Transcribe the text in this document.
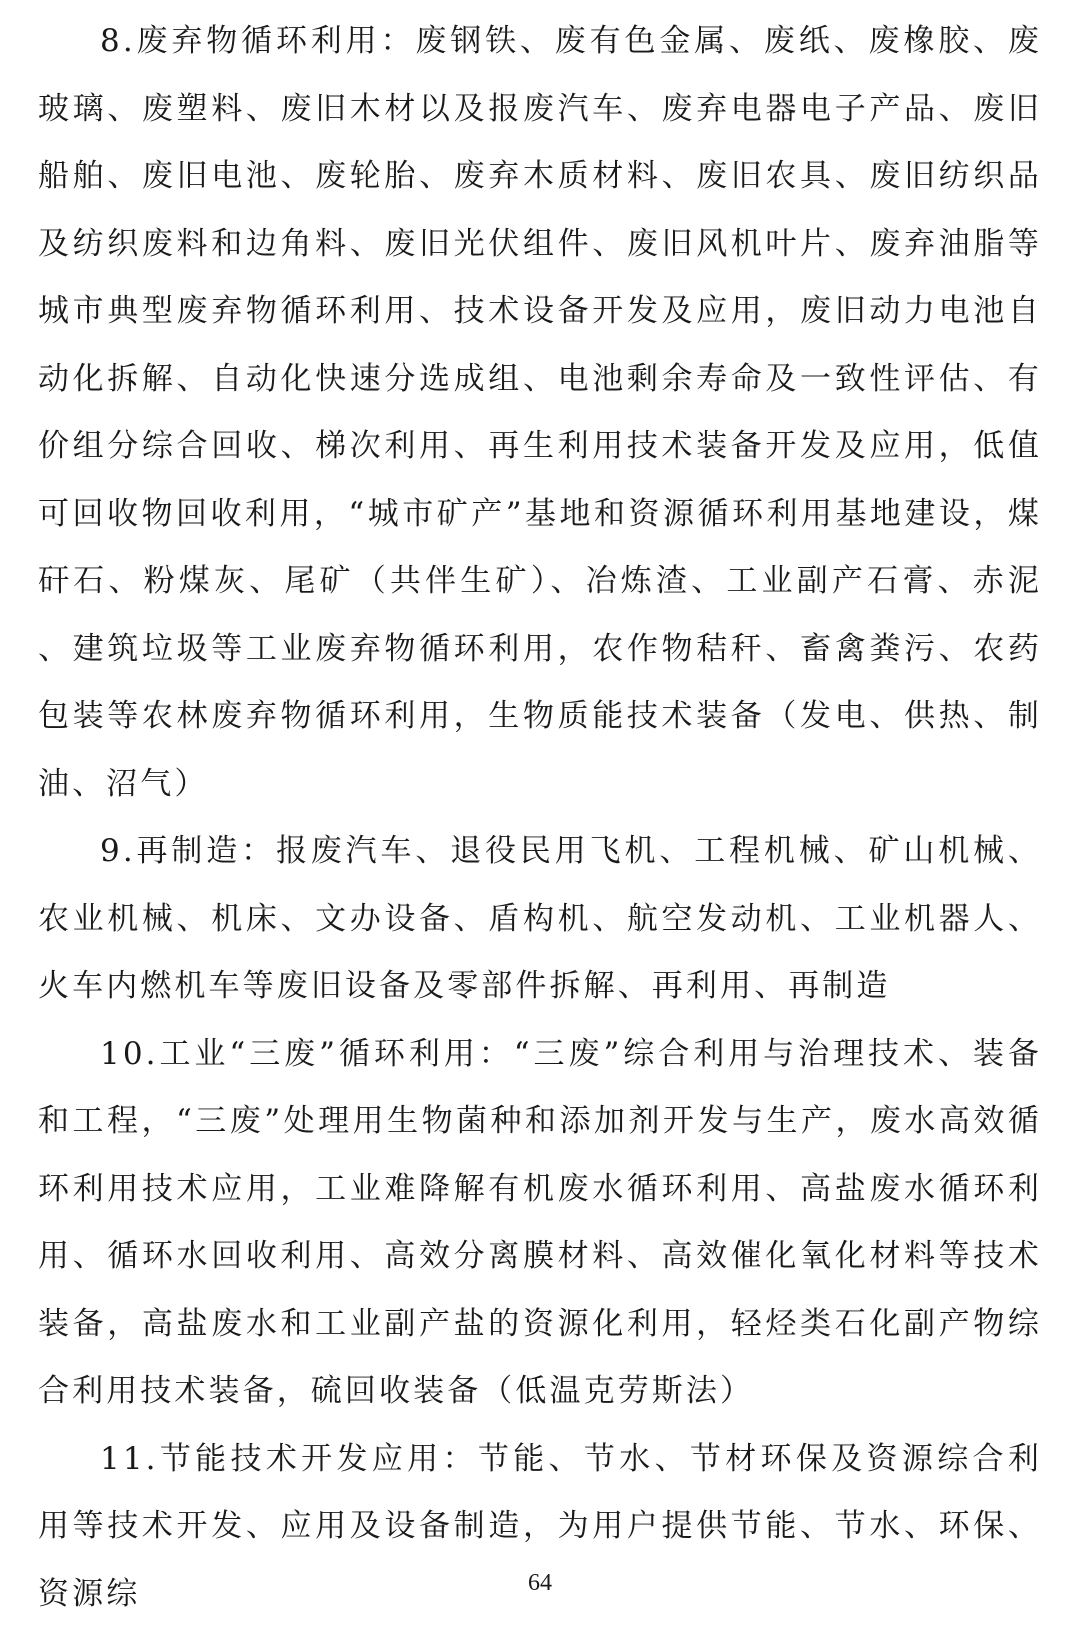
8.废弃物循环利用：废钢铁、废有色金属、废纸、废橡胶、废玻璃、废塑料、废旧木材以及报废汽车、废弃电器电子产品、废旧船舶、废旧电池、废轮胎、废弃木质材料、废旧农具、废旧纺织品及纺织废料和边角料、废旧光伏组件、废旧风机叶片、废弃油脂等城市典型废弃物循环利用、技术设备开发及应用，废旧动力电池自动化拆解、自动化快速分选成组、电池剩余寿命及一致性评估、有价组分综合回收、梯次利用、再生利用技术装备开发及应用，低值可回收物回收利用，“城市矿产”基地和资源循环利用基地建设，煤矸石、粉煤灰、尾矿（共伴生矿）、冶炼渣、工业副产石膏、赤泥、建筑垃圾等工业废弃物循环利用，农作物秸秆、畜禽粪污、农药包装等农林废弃物循环利用，生物质能技术装备（发电、供热、制油、沼气）

9.再制造：报废汽车、退役民用飞机、工程机械、矿山机械、农业机械、机床、文办设备、盾构机、航空发动机、工业机器人、火车内燃机车等废旧设备及零部件拆解、再利用、再制造

10.工业“三废”循环利用：“三废”综合利用与治理技术、装备和工程，“三废”处理用生物菌种和添加剂开发与生产，废水高效循环利用技术应用，工业难降解有机废水循环利用、高盐废水循环利用、循环水回收利用、高效分离膜材料、高效催化氧化材料等技术装备，高盐废水和工业副产盐的资源化利用，轻烃类石化副产物综合利用技术装备，硫回收装备（低温克劳斯法）

11.节能技术开发应用：节能、节水、节材环保及资源综合利用等技术开发、应用及设备制造，为用户提供节能、节水、环保、资源综	64
